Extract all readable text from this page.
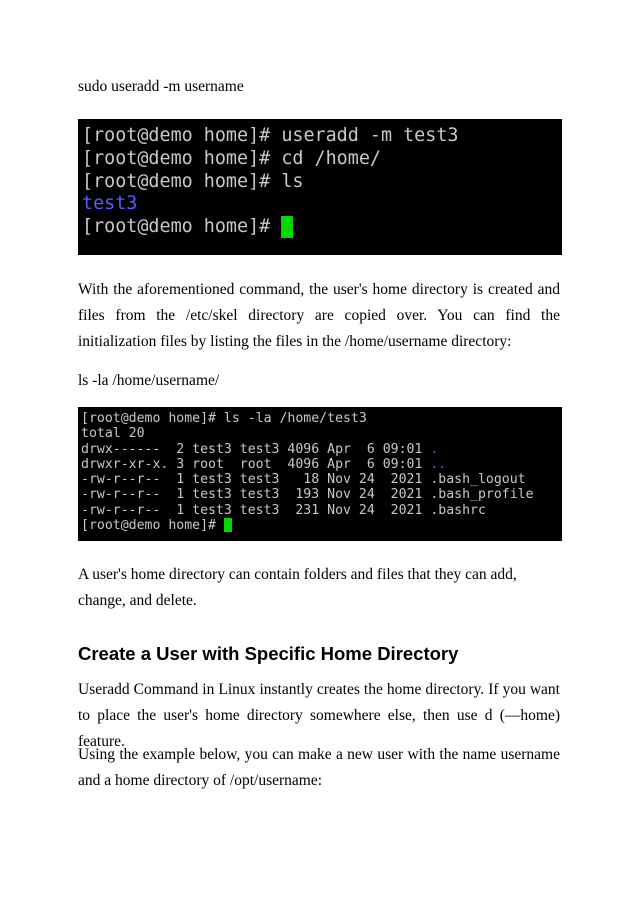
sudo useradd -m username

[root@demo home]# useradd -m test3
[root@demo home]# cd /home/
[root@demo home]# ls
test3
[root@demo home]#

With the aforementioned command, the user's home directory is created and files from the /etc/skel directory are copied over. You can find the initialization files by listing the files in the /home/username directory:

ls -la /home/username/

[root@demo home]# ls -la /home/test3
total 20
drwx------  2 test3 test3 4096 Apr  6 09:01 .
drwxr-xr-x. 3 root  root  4096 Apr  6 09:01 ..
-rw-r--r--  1 test3 test3   18 Nov 24  2021 .bash_logout
-rw-r--r--  1 test3 test3  193 Nov 24  2021 .bash_profile
-rw-r--r--  1 test3 test3  231 Nov 24  2021 .bashrc
[root@demo home]#

A user's home directory can contain folders and files that they can add, change, and delete.

Create a User with Specific Home Directory

Useradd Command in Linux instantly creates the home directory. If you want to place the user's home directory somewhere else, then use d (—home) feature.

Using the example below, you can make a new user with the name username and a home directory of /opt/username:
